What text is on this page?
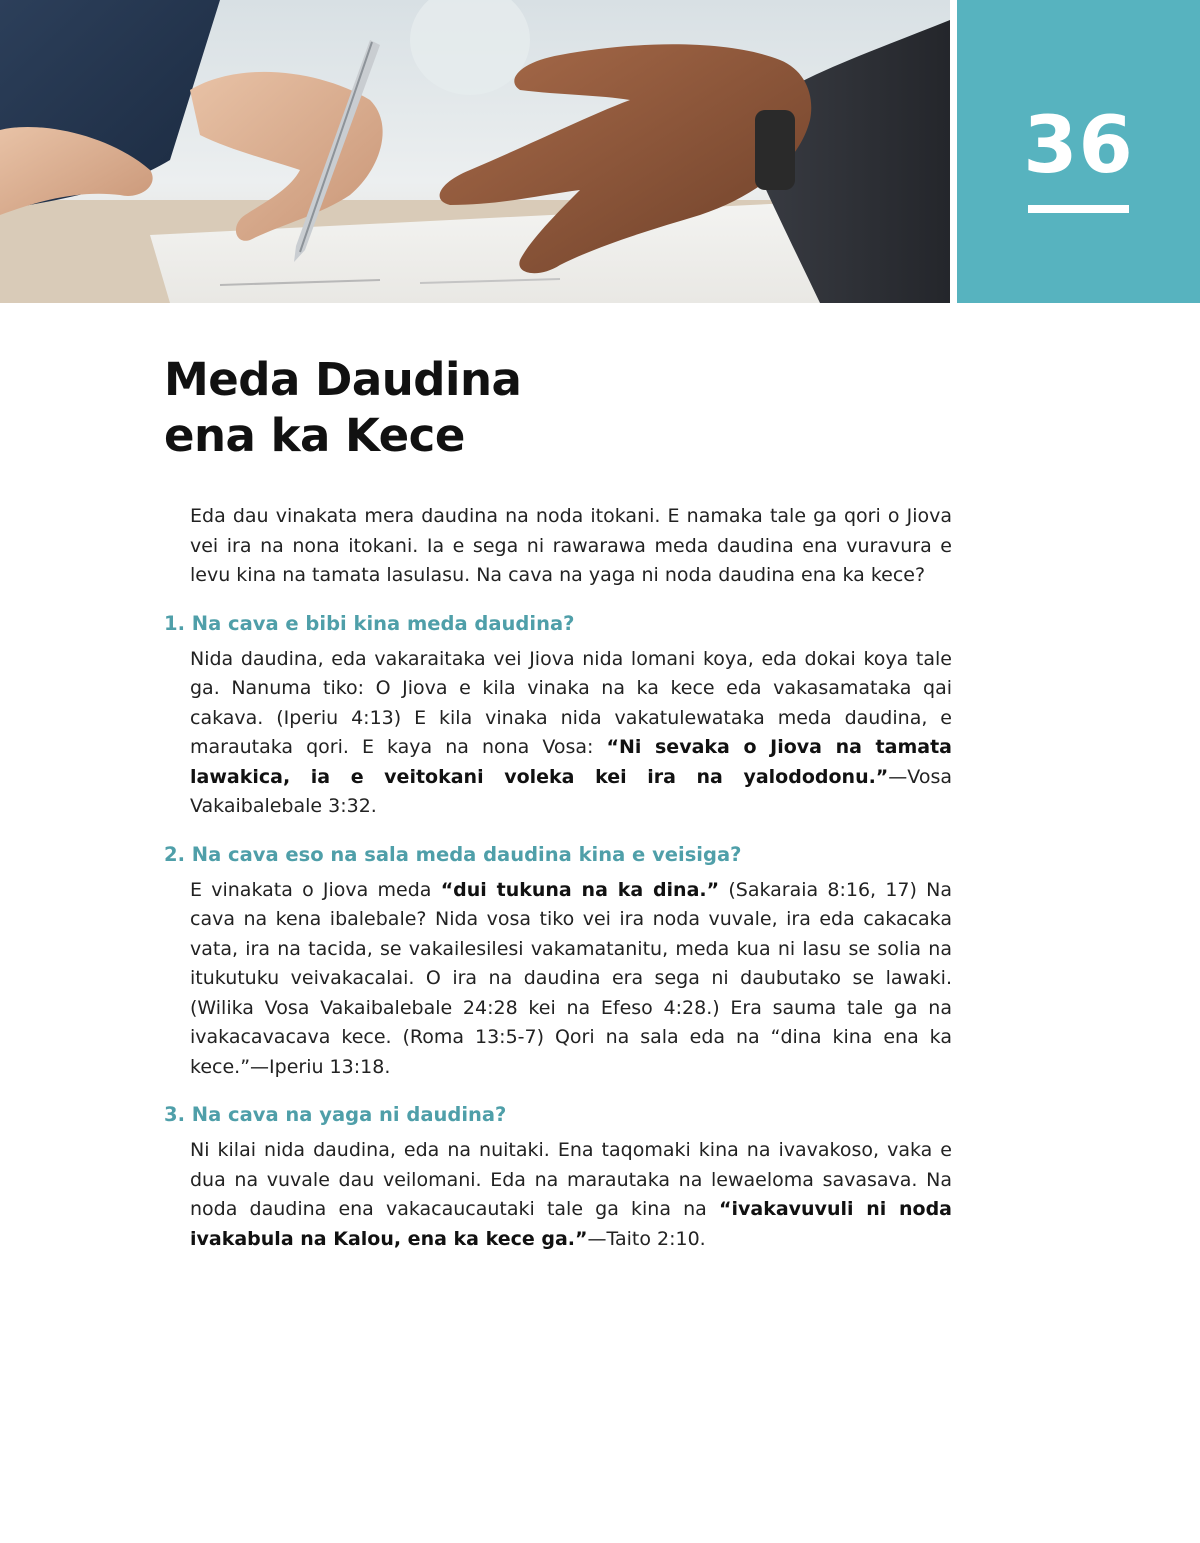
36
Meda Daudina
ena ka Kece

Eda dau vinakata mera daudina na noda itokani. E namaka tale ga qori o Jiova vei ira na nona itokani. Ia e sega ni rawarawa meda daudina ena vuravura e levu kina na tamata lasulasu. Na cava na yaga ni noda daudina ena ka kece?

1. Na cava e bibi kina meda daudina?

Nida daudina, eda vakaraitaka vei Jiova nida lomani koya, eda dokai koya tale ga. Nanuma tiko: O Jiova e kila vinaka na ka kece eda vakasamataka qai cakava. (Iperiu 4:13) E kila vinaka nida vakatulewataka meda daudina, e marautaka qori. E kaya na nona Vosa: “Ni sevaka o Jiova na tamata lawakica, ia e veitokani voleka kei ira na yalododonu.”—Vosa Vakaibalebale 3:32.

2. Na cava eso na sala meda daudina kina e veisiga?

E vinakata o Jiova meda “dui tukuna na ka dina.” (Sakaraia 8:16, 17) Na cava na kena ibalebale? Nida vosa tiko vei ira noda vuvale, ira eda cakacaka vata, ira na tacida, se vakailesilesi vakamatanitu, meda kua ni lasu se solia na itukutuku veivakacalai. O ira na daudina era sega ni daubutako se lawaki. (Wilika Vosa Vakaibalebale 24:28 kei na Efeso 4:28.) Era sauma tale ga na ivakacavacava kece. (Roma 13:5-7) Qori na sala eda na “dina kina ena ka kece.”—Iperiu 13:18.

3. Na cava na yaga ni daudina?

Ni kilai nida daudina, eda na nuitaki. Ena taqomaki kina na ivavakoso, vaka e dua na vuvale dau veilomani. Eda na marautaka na lewaeloma savasava. Na noda daudina ena vakacaucautaki tale ga kina na “ivakavuvuli ni noda ivakabula na Kalou, ena ka kece ga.”—Taito 2:10.
